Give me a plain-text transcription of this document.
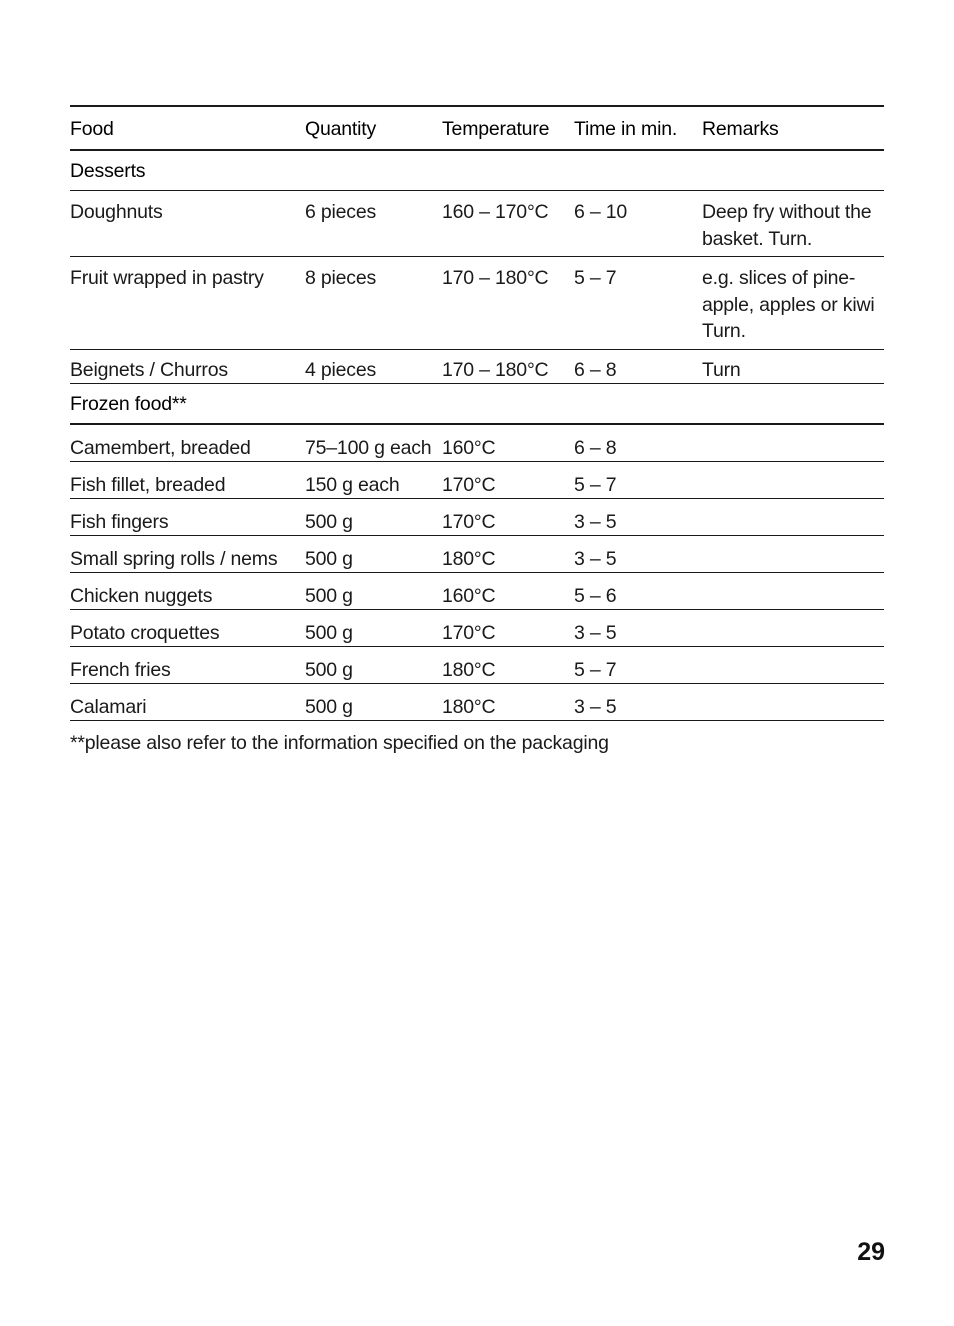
Food	Quantity	Temperature	Time in min.	Remarks
Desserts				
Doughnuts	6 pieces	160 – 170°C	6 – 10	Deep fry without the
basket. Turn.

Fruit wrapped in pastry	8 pieces	170 – 180°C	5 – 7	e.g. slices of pine-
apple, apples or kiwi
Turn.

Beignets / Churros	4 pieces	170 – 180°C	6 – 8	Turn

Frozen food**				
Camembert, breaded	75–100 g each	160°C	6 – 8	
Fish fillet, breaded	150 g each	170°C	5 – 7	
Fish fingers	500 g	170°C	3 – 5	
Small spring rolls / nems	500 g	180°C	3 – 5	
Chicken nuggets	500 g	160°C	5 – 6	
Potato croquettes	500 g	170°C	3 – 5	
French fries	500 g	180°C	5 – 7	
Calamari	500 g	180°C	3 – 5	
**please also refer to the information specified on the packaging
29
